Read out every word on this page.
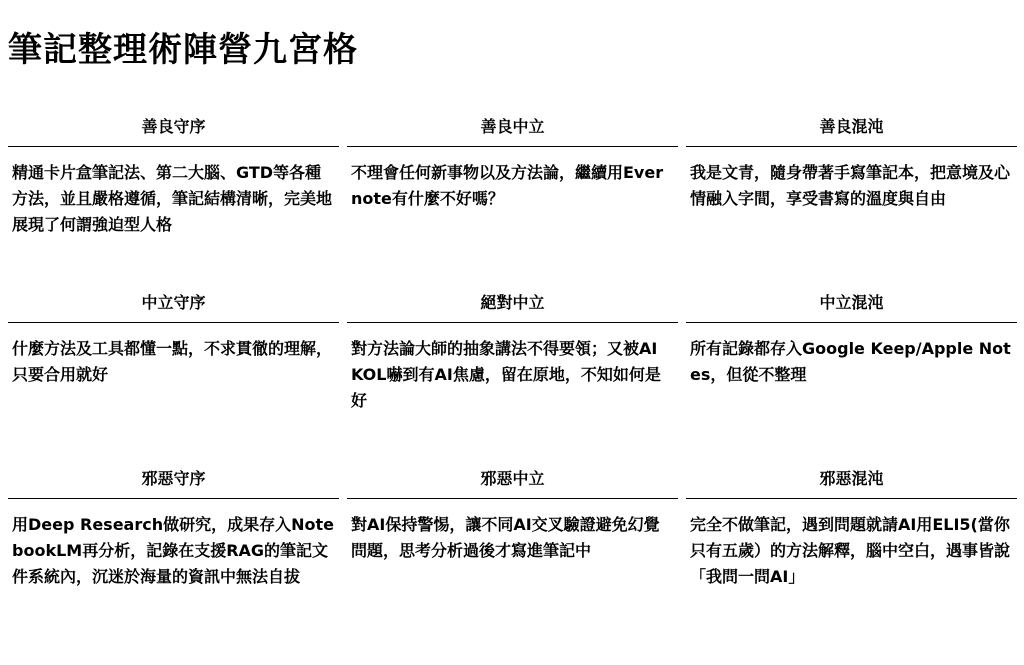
筆記整理術陣營九宮格
善良守序
精通卡片盒筆記法、第二大腦、GTD等各種方法，並且嚴格遵循，筆記結構清晰，完美地展現了何謂強迫型人格
善良中立
不理會任何新事物以及方法論，繼續用Evernote有什麼不好嗎？
善良混沌
我是文青，隨身帶著手寫筆記本，把意境及心情融入字間，享受書寫的溫度與自由
中立守序
什麼方法及工具都懂一點，不求貫徹的理解，只要合用就好
絕對中立
對方法論大師的抽象講法不得要領；又被AI KOL嚇到有AI焦慮，留在原地，不知如何是好
中立混沌
所有記錄都存入Google Keep/Apple Notes，但從不整理
邪惡守序
用Deep Research做研究，成果存入NotebookLM再分析，記錄在支援RAG的筆記文件系統內，沉迷於海量的資訊中無法自拔
邪惡中立
對AI保持警惕，讓不同AI交叉驗證避免幻覺問題，思考分析過後才寫進筆記中
邪惡混沌
完全不做筆記，遇到問題就請AI用ELI5(當你只有五歲）的方法解釋，腦中空白，遇事皆說「我問一問AI」
